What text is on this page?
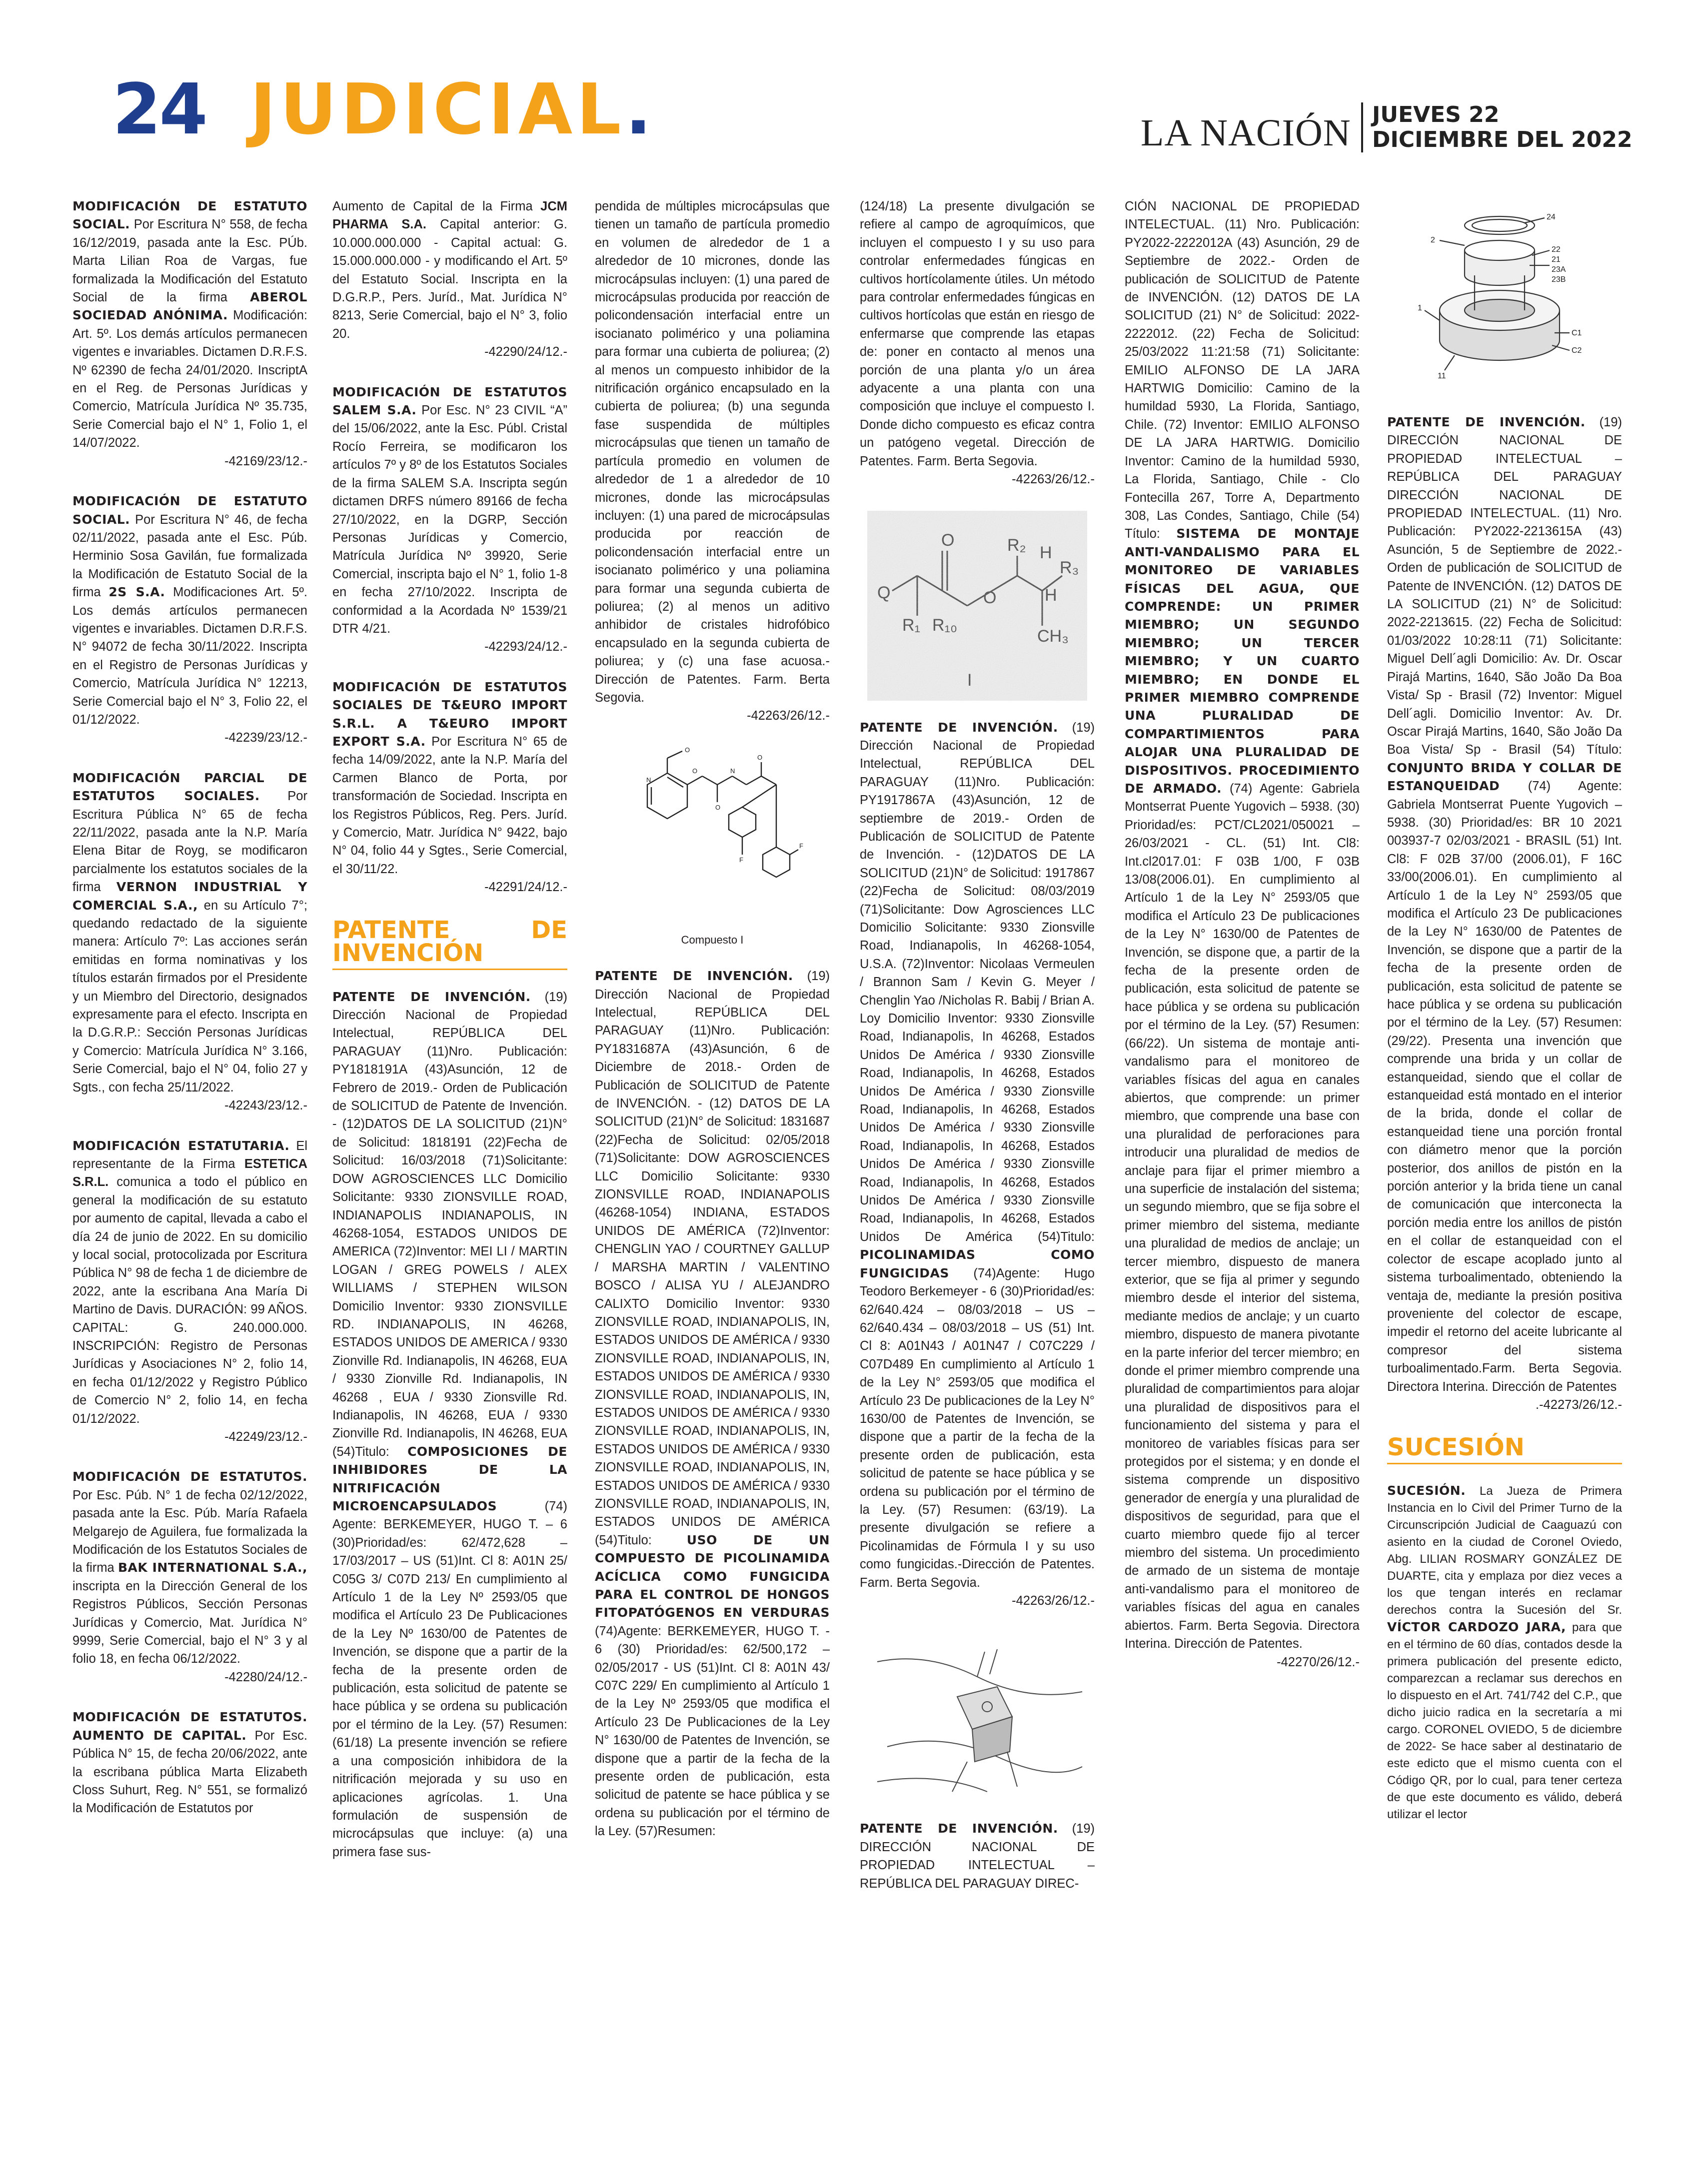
24 JUDICIAL.	LA NACIÓN JUEVES 22
DICIEMBRE DEL 2022

MODIFICACIÓN DE ESTATUTO SOCIAL. Por Escritura N° 558, de fecha 16/12/2019, pasada ante la Esc. PÚb. Marta Lilian Roa de Vargas, fue formalizada la Modificación del Estatuto Social de la firma ABEROL SOCIEDAD ANÓNIMA. Modificación: Art. 5º. Los demás artículos permanecen vigentes e invariables. Dictamen D.R.F.S. Nº 62390 de fecha 24/01/2020. InscriptA en el Reg. de Personas Jurídicas y Comercio, Matrícula Jurídica Nº 35.735, Serie Comercial bajo el N° 1, Folio 1, el 14/07/2022.
-42169/23/12.-

MODIFICACIÓN DE ESTATUTO SOCIAL. Por Escritura N° 46, de fecha 02/11/2022, pasada ante el Esc. Púb. Herminio Sosa Gavilán, fue formalizada la Modificación de Estatuto Social de la firma 2S S.A. Modificaciones Art. 5º. Los demás artículos permanecen vigentes e invariables. Dictamen D.R.F.S. N° 94072 de fecha 30/11/2022. Inscripta en el Registro de Personas Jurídicas y Comercio, Matrícula Jurídica N° 12213, Serie Comercial bajo el N° 3, Folio 22, el 01/12/2022.
-42239/23/12.-

MODIFICACIÓN PARCIAL DE ESTATUTOS SOCIALES. Por Escritura Pública N° 65 de fecha 22/11/2022, pasada ante la N.P. María Elena Bitar de Royg, se modificaron parcialmente los estatutos sociales de la firma VERNON INDUSTRIAL Y COMERCIAL S.A., en su Artículo 7°; quedando redactado de la siguiente manera: Artículo 7º: Las acciones serán emitidas en forma nominativas y los títulos estarán firmados por el Presidente y un Miembro del Directorio, designados expresamente para el efecto. Inscripta en la D.G.R.P.: Sección Personas Jurídicas y Comercio: Matrícula Jurídica N° 3.166, Serie Comercial, bajo el N° 04, folio 27 y Sgts., con fecha 25/11/2022.
-42243/23/12.-

MODIFICACIÓN ESTATUTARIA. El representante de la Firma ESTETICA S.R.L. comunica a todo el público en general la modificación de su estatuto por aumento de capital, llevada a cabo el día 24 de junio de 2022. En su domicilio y local social, protocolizada por Escritura Pública N° 98 de fecha 1 de diciembre de 2022, ante la escribana Ana María Di Martino de Davis. DURACIÓN: 99 AÑOS. CAPITAL: G. 240.000.000. INSCRIPCIÓN: Registro de Personas Jurídicas y Asociaciones N° 2, folio 14, en fecha 01/12/2022 y Registro Público de Comercio N° 2, folio 14, en fecha 01/12/2022.
-42249/23/12.-

MODIFICACIÓN DE ESTATUTOS. Por Esc. Púb. N° 1 de fecha 02/12/2022, pasada ante la Esc. Púb. María Rafaela Melgarejo de Aguilera, fue formalizada la Modificación de los Estatutos Sociales de la firma BAK INTERNATIONAL S.A., inscripta en la Dirección General de los Registros Públicos, Sección Personas Jurídicas y Comercio, Mat. Jurídica N° 9999, Serie Comercial, bajo el N° 3 y al folio 18, en fecha 06/12/2022.
-42280/24/12.-

MODIFICACIÓN DE ESTATUTOS. AUMENTO DE CAPITAL. Por Esc. Pública N° 15, de fecha 20/06/2022, ante la escribana pública Marta Elizabeth Closs Suhurt, Reg. N° 551, se formalizó la Modificación de Estatutos por

Aumento de Capital de la Firma JCM PHARMA S.A. Capital anterior: G. 10.000.000.000 - Capital actual: G. 15.000.000.000 - y modificando el Art. 5º del Estatuto Social. Inscripta en la D.G.R.P., Pers. Juríd., Mat. Jurídica N° 8213, Serie Comercial, bajo el N° 3, folio 20.
-42290/24/12.-

MODIFICACIÓN DE ESTATUTOS SALEM S.A. Por Esc. N° 23 CIVIL “A” del 15/06/2022, ante la Esc. Públ. Cristal Rocío Ferreira, se modificaron los artículos 7º y 8º de los Estatutos Sociales de la firma SALEM S.A. Inscripta según dictamen DRFS número 89166 de fecha 27/10/2022, en la DGRP, Sección Personas Jurídicas y Comercio, Matrícula Jurídica Nº 39920, Serie Comercial, inscripta bajo el N° 1, folio 1-8 en fecha 27/10/2022. Inscripta de conformidad a la Acordada Nº 1539/21 DTR 4/21.
-42293/24/12.-

MODIFICACIÓN DE ESTATUTOS SOCIALES DE T&EURO IMPORT S.R.L. A T&EURO IMPORT EXPORT S.A. Por Escritura N° 65 de fecha 14/09/2022, ante la N.P. María del Carmen Blanco de Porta, por transformación de Sociedad. Inscripta en los Registros Públicos, Reg. Pers. Juríd. y Comercio, Matr. Jurídica N° 9422, bajo N° 04, folio 44 y Sgtes., Serie Comercial, el 30/11/22.
-42291/24/12.-

PATENTE DE INVENCIÓN

PATENTE DE INVENCIÓN. (19) Dirección Nacional de Propiedad Intelectual, REPÚBLICA DEL PARAGUAY (11)Nro. Publicación: PY1818191A (43)Asunción, 12 de Febrero de 2019.- Orden de Publicación de SOLICITUD de Patente de Invención. - (12)DATOS DE LA SOLICITUD (21)N° de Solicitud: 1818191 (22)Fecha de Solicitud: 16/03/2018 (71)Solicitante: DOW AGROSCIENCES LLC Domicilio Solicitante: 9330 ZIONSVILLE ROAD, INDIANAPOLIS INDIANAPOLIS, IN 46268-1054, ESTADOS UNIDOS DE AMERICA (72)Inventor: MEI LI / MARTIN LOGAN / GREG POWELS / ALEX WILLIAMS / STEPHEN WILSON Domicilio Inventor: 9330 ZIONSVILLE RD. INDIANAPOLIS, IN 46268, ESTADOS UNIDOS DE AMERICA / 9330 Zionville Rd. Indianapolis, IN 46268, EUA / 9330 Zionville Rd. Indianapolis, IN 46268 , EUA / 9330 Zionsville Rd. Indianapolis, IN 46268, EUA / 9330 Zionville Rd. Indianapolis, IN 46268, EUA (54)Titulo: COMPOSICIONES DE INHIBIDORES DE LA NITRIFICACIÓN MICROENCAPSULADOS (74) Agente: BERKEMEYER, HUGO T. – 6 (30)Prioridad/es: 62/472,628 – 17/03/2017 – US (51)Int. Cl 8: A01N 25/ C05G 3/ C07D 213/ En cumplimiento al Artículo 1 de la Ley Nº 2593/05 que modifica el Artículo 23 De Publicaciones de la Ley Nº 1630/00 de Patentes de Invención, se dispone que a partir de la fecha de la presente orden de publicación, esta solicitud de patente se hace pública y se ordena su publicación por el término de la Ley. (57) Resumen: (61/18) La presente invención se refiere a una composición inhibidora de la nitrificación mejorada y su uso en aplicaciones agrícolas. 1. Una formulación de suspensión de microcápsulas que incluye: (a) una primera fase sus-

pendida de múltiples microcápsulas que tienen un tamaño de partícula promedio en volumen de alrededor de 1 a alrededor de 10 micrones, donde las microcápsulas incluyen: (1) una pared de microcápsulas producida por reacción de policondensación interfacial entre un isocianato polimérico y una poliamina para formar una cubierta de poliurea; (2) al menos un compuesto inhibidor de la nitrificación orgánico encapsulado en la cubierta de poliurea; (b) una segunda fase suspendida de múltiples microcápsulas que tienen un tamaño de partícula promedio en volumen de alrededor de 1 a alrededor de 10 micrones, donde las microcápsulas incluyen: (1) una pared de microcápsulas producida por reacción de policondensación interfacial entre un isocianato polimérico y una poliamina para formar una segunda cubierta de poliurea; (2) al menos un aditivo anhibidor de cristales hidrofóbico encapsulado en la segunda cubierta de poliurea; y (c) una fase acuosa.- Dirección de Patentes. Farm. Berta Segovia.
-42263/26/12.-

N
O
O	N
O
O
F
F
Compuesto I

PATENTE DE INVENCIÓN. (19) Dirección Nacional de Propiedad Intelectual, REPÚBLICA DEL PARAGUAY (11)Nro. Publicación: PY1831687A (43)Asunción, 6 de Diciembre de 2018.- Orden de Publicación de SOLICITUD de Patente de INVENCIÓN. - (12) DATOS DE LA SOLICITUD (21)N° de Solicitud: 1831687 (22)Fecha de Solicitud: 02/05/2018 (71)Solicitante: DOW AGROSCIENCES LLC Domicilio Solicitante: 9330 ZIONSVILLE ROAD, INDIANAPOLIS (46268-1054) INDIANA, ESTADOS UNIDOS DE AMÉRICA (72)Inventor: CHENGLIN YAO / COURTNEY GALLUP / MARSHA MARTIN / VALENTINO BOSCO / ALISA YU / ALEJANDRO CALIXTO Domicilio Inventor: 9330 ZIONSVILLE ROAD, INDIANAPOLIS, IN, ESTADOS UNIDOS DE AMÉRICA / 9330 ZIONSVILLE ROAD, INDIANAPOLIS, IN, ESTADOS UNIDOS DE AMÉRICA / 9330 ZIONSVILLE ROAD, INDIANAPOLIS, IN, ESTADOS UNIDOS DE AMÉRICA / 9330 ZIONSVILLE ROAD, INDIANAPOLIS, IN, ESTADOS UNIDOS DE AMÉRICA / 9330 ZIONSVILLE ROAD, INDIANAPOLIS, IN, ESTADOS UNIDOS DE AMÉRICA / 9330 ZIONSVILLE ROAD, INDIANAPOLIS, IN, ESTADOS UNIDOS DE AMÉRICA (54)Titulo: USO DE UN COMPUESTO DE PICOLINAMIDA ACÍCLICA COMO FUNGICIDA PARA EL CONTROL DE HONGOS FITOPATÓGENOS EN VERDURAS (74)Agente: BERKEMEYER, HUGO T. - 6 (30) Prioridad/es: 62/500,172 – 02/05/2017 - US (51)Int. Cl 8: A01N 43/ C07C 229/ En cumplimiento al Artículo 1 de la Ley Nº 2593/05 que modifica el Artículo 23 De Publicaciones de la Ley N° 1630/00 de Patentes de Invención, se dispone que a partir de la fecha de la presente orden de publicación, esta solicitud de patente se hace pública y se ordena su publicación por el término de la Ley. (57)Resumen:

(124/18) La presente divulgación se refiere al campo de agroquímicos, que incluyen el compuesto I y su uso para controlar enfermedades fúngicas en cultivos hortícolamente útiles. Un método para controlar enfermedades fúngicas en cultivos hortícolas que están en riesgo de enfermarse que comprende las etapas de: poner en contacto al menos una porción de una planta y/o un área adyacente a una planta con una composición que incluye el compuesto I. Donde dicho compuesto es eficaz contra un patógeno vegetal. Dirección de Patentes. Farm. Berta Segovia.
-42263/26/12.-

Q
O
O
R₂ H
R₃
CH₃
R₁ R₁₀
H
I

PATENTE DE INVENCIÓN. (19) Dirección Nacional de Propiedad Intelectual, REPÚBLICA DEL PARAGUAY (11)Nro. Publicación: PY1917867A (43)Asunción, 12 de septiembre de 2019.- Orden de Publicación de SOLICITUD de Patente de Invención. - (12)DATOS DE LA SOLICITUD (21)N° de Solicitud: 1917867 (22)Fecha de Solicitud: 08/03/2019 (71)Solicitante: Dow Agrosciences LLC Domicilio Solicitante: 9330 Zionsville Road, Indianapolis, In 46268-1054, U.S.A. (72)Inventor: Nicolaas Vermeulen / Brannon Sam / Kevin G. Meyer / Chenglin Yao /Nicholas R. Babij / Brian A. Loy Domicilio Inventor: 9330 Zionsville Road, Indianapolis, In 46268, Estados Unidos De América / 9330 Zionsville Road, Indianapolis, In 46268, Estados Unidos De América / 9330 Zionsville Road, Indianapolis, In 46268, Estados Unidos De América / 9330 Zionsville Road, Indianapolis, In 46268, Estados Unidos De América / 9330 Zionsville Road, Indianapolis, In 46268, Estados Unidos De América / 9330 Zionsville Road, Indianapolis, In 46268, Estados Unidos De América (54)Titulo: PICOLINAMIDAS COMO FUNGICIDAS (74)Agente: Hugo Teodoro Berkemeyer - 6 (30)Prioridad/es: 62/640.424 – 08/03/2018 – US – 62/640.434 – 08/03/2018 – US (51) Int. Cl 8: A01N43 / A01N47 / C07C229 / C07D489 En cumplimiento al Artículo 1 de la Ley N° 2593/05 que modifica el Artículo 23 De publicaciones de la Ley N° 1630/00 de Patentes de Invención, se dispone que a partir de la fecha de la presente orden de publicación, esta solicitud de patente se hace pública y se ordena su publicación por el término de la Ley. (57) Resumen: (63/19). La presente divulgación se refiere a Picolinamidas de Fórmula I y su uso como fungicidas.-Dirección de Patentes. Farm. Berta Segovia.
-42263/26/12.-

PATENTE DE INVENCIÓN. (19) DIRECCIÓN NACIONAL DE PROPIEDAD INTELECTUAL – REPÚBLICA DEL PARAGUAY DIREC-

CIÓN NACIONAL DE PROPIEDAD INTELECTUAL. (11) Nro. Publicación: PY2022-2222012A (43) Asunción, 29 de Septiembre de 2022.- Orden de publicación de SOLICITUD de Patente de INVENCIÓN. (12) DATOS DE LA SOLICITUD (21) N° de Solicitud: 2022-2222012. (22) Fecha de Solicitud: 25/03/2022 11:21:58 (71) Solicitante: EMILIO ALFONSO DE LA JARA HARTWIG Domicilio: Camino de la humildad 5930, La Florida, Santiago, Chile. (72) Inventor: EMILIO ALFONSO DE LA JARA HARTWIG. Domicilio Inventor: Camino de la humildad 5930, La Florida, Santiago, Chile - Clo Fontecilla 267, Torre A, Departmento 308, Las Condes, Santiago, Chile (54) Título: SISTEMA DE MONTAJE ANTI-VANDALISMO PARA EL MONITOREO DE VARIABLES FÍSICAS DEL AGUA, QUE COMPRENDE: UN PRIMER MIEMBRO; UN SEGUNDO MIEMBRO; UN TERCER MIEMBRO; Y UN CUARTO MIEMBRO; EN DONDE EL PRIMER MIEMBRO COMPRENDE UNA PLURALIDAD DE COMPARTIMIENTOS PARA ALOJAR UNA PLURALIDAD DE DISPOSITIVOS. PROCEDIMIENTO DE ARMADO. (74) Agente: Gabriela Montserrat Puente Yugovich – 5938. (30) Prioridad/es: PCT/CL2021/050021 – 26/03/2021 - CL. (51) Int. Cl8: Int.cl2017.01: F 03B 1/00, F 03B 13/08(2006.01). En cumplimiento al Artículo 1 de la Ley N° 2593/05 que modifica el Artículo 23 De publicaciones de la Ley N° 1630/00 de Patentes de Invención, se dispone que, a partir de la fecha de la presente orden de publicación, esta solicitud de patente se hace pública y se ordena su publicación por el término de la Ley. (57) Resumen: (66/22). Un sistema de montaje anti-vandalismo para el monitoreo de variables físicas del agua en canales abiertos, que comprende: un primer miembro, que comprende una base con una pluralidad de perforaciones para introducir una pluralidad de medios de anclaje para fijar el primer miembro a una superficie de instalación del sistema; un segundo miembro, que se fija sobre el primer miembro del sistema, mediante una pluralidad de medios de anclaje; un tercer miembro, dispuesto de manera exterior, que se fija al primer y segundo miembro desde el interior del sistema, mediante medios de anclaje; y un cuarto miembro, dispuesto de manera pivotante en la parte inferior del tercer miembro; en donde el primer miembro comprende una pluralidad de compartimientos para alojar una pluralidad de dispositivos para el funcionamiento del sistema y para el monitoreo de variables físicas para ser protegidos por el sistema; y en donde el sistema comprende un dispositivo generador de energía y una pluralidad de dispositivos de seguridad, para que el cuarto miembro quede fijo al tercer miembro del sistema. Un procedimiento de armado de un sistema de montaje anti-vandalismo para el monitoreo de variables físicas del agua en canales abiertos. Farm. Berta Segovia. Directora Interina. Dirección de Patentes.
-42270/26/12.-

24
2
22
21
23A
23B
1
C1
C2
11

PATENTE DE INVENCIÓN. (19) DIRECCIÓN NACIONAL DE PROPIEDAD INTELECTUAL – REPÚBLICA DEL PARAGUAY DIRECCIÓN NACIONAL DE PROPIEDAD INTELECTUAL. (11) Nro. Publicación: PY2022-2213615A (43) Asunción, 5 de Septiembre de 2022.- Orden de publicación de SOLICITUD de Patente de INVENCIÓN. (12) DATOS DE LA SOLICITUD (21) N° de Solicitud: 2022-2213615. (22) Fecha de Solicitud: 01/03/2022 10:28:11 (71) Solicitante: Miguel Dell´agli Domicilio: Av. Dr. Oscar Pirajá Martins, 1640, São João Da Boa Vista/ Sp - Brasil (72) Inventor: Miguel Dell´agli. Domicilio Inventor: Av. Dr. Oscar Pirajá Martins, 1640, São João Da Boa Vista/ Sp - Brasil (54) Título: CONJUNTO BRIDA Y COLLAR DE ESTANQUEIDAD (74) Agente: Gabriela Montserrat Puente Yugovich – 5938. (30) Prioridad/es: BR 10 2021 003937-7 02/03/2021 - BRASIL (51) Int. Cl8: F 02B 37/00 (2006.01), F 16C 33/00(2006.01). En cumplimiento al Artículo 1 de la Ley N° 2593/05 que modifica el Artículo 23 De publicaciones de la Ley N° 1630/00 de Patentes de Invención, se dispone que a partir de la fecha de la presente orden de publicación, esta solicitud de patente se hace pública y se ordena su publicación por el término de la Ley. (57) Resumen: (29/22). Presenta una invención que comprende una brida y un collar de estanqueidad, siendo que el collar de estanqueidad está montado en el interior de la brida, donde el collar de estanqueidad tiene una porción frontal con diámetro menor que la porción posterior, dos anillos de pistón en la porción anterior y la brida tiene un canal de comunicación que interconecta la porción media entre los anillos de pistón en el collar de estanqueidad con el colector de escape acoplado junto al sistema turboalimentado, obteniendo la ventaja de, mediante la presión positiva proveniente del colector de escape, impedir el retorno del aceite lubricante al compresor del sistema turboalimentado.Farm. Berta Segovia. Directora Interina. Dirección de Patentes
.-42273/26/12.-

SUCESIÓN

SUCESIÓN. La Jueza de Primera Instancia en lo Civil del Primer Turno de la Circunscripción Judicial de Caaguazú con asiento en la ciudad de Coronel Oviedo, Abg. LILIAN ROSMARY GONZÁLEZ DE DUARTE, cita y emplaza por diez veces a los que tengan interés en reclamar derechos contra la Sucesión del Sr. VÍCTOR CARDOZO JARA, para que en el término de 60 días, contados desde la primera publicación del presente edicto, comparezcan a reclamar sus derechos en lo dispuesto en el Art. 741/742 del C.P., que dicho juicio radica en la secretaría a mi cargo. CORONEL OVIEDO, 5 de diciembre de 2022- Se hace saber al destinatario de este edicto que el mismo cuenta con el Código QR, por lo cual, para tener certeza de que este documento es válido, deberá utilizar el lector
